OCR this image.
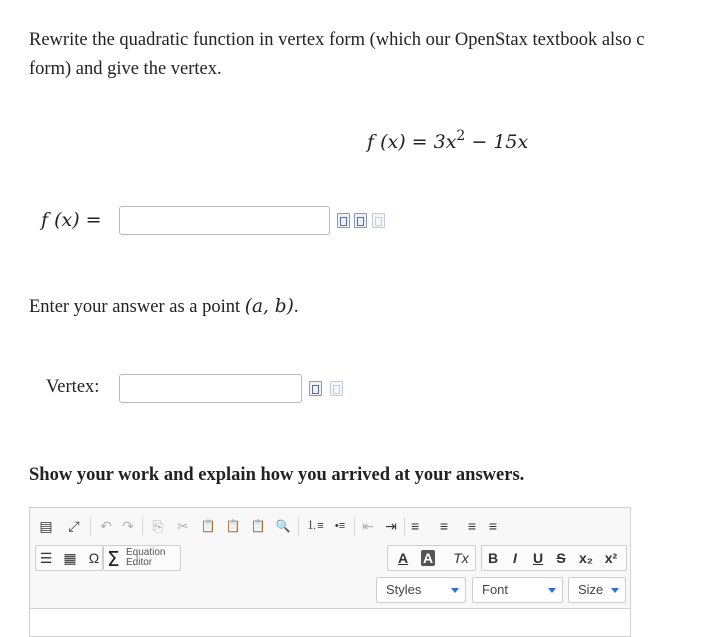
Rewrite the quadratic function in vertex form (which our OpenStax textbook also c
form) and give the vertex.
f $(x) = 3x^2 - 15x$
f (x) =
Enter your answer as a point (a, b).
Vertex:
Show your work and explain how you arrived at your answers.
▤ ⤢ ↶ ↷ ⎘ ✂ 📋 📋 📋 🔍 ⒈≡	•≡	⇤ ⇥ ≡	≡	≡ ≡
☰ ▦ Ω Σ Equation
Editor	A	A Tx B	I	U S x₂ x²
Styles	Font	Size
